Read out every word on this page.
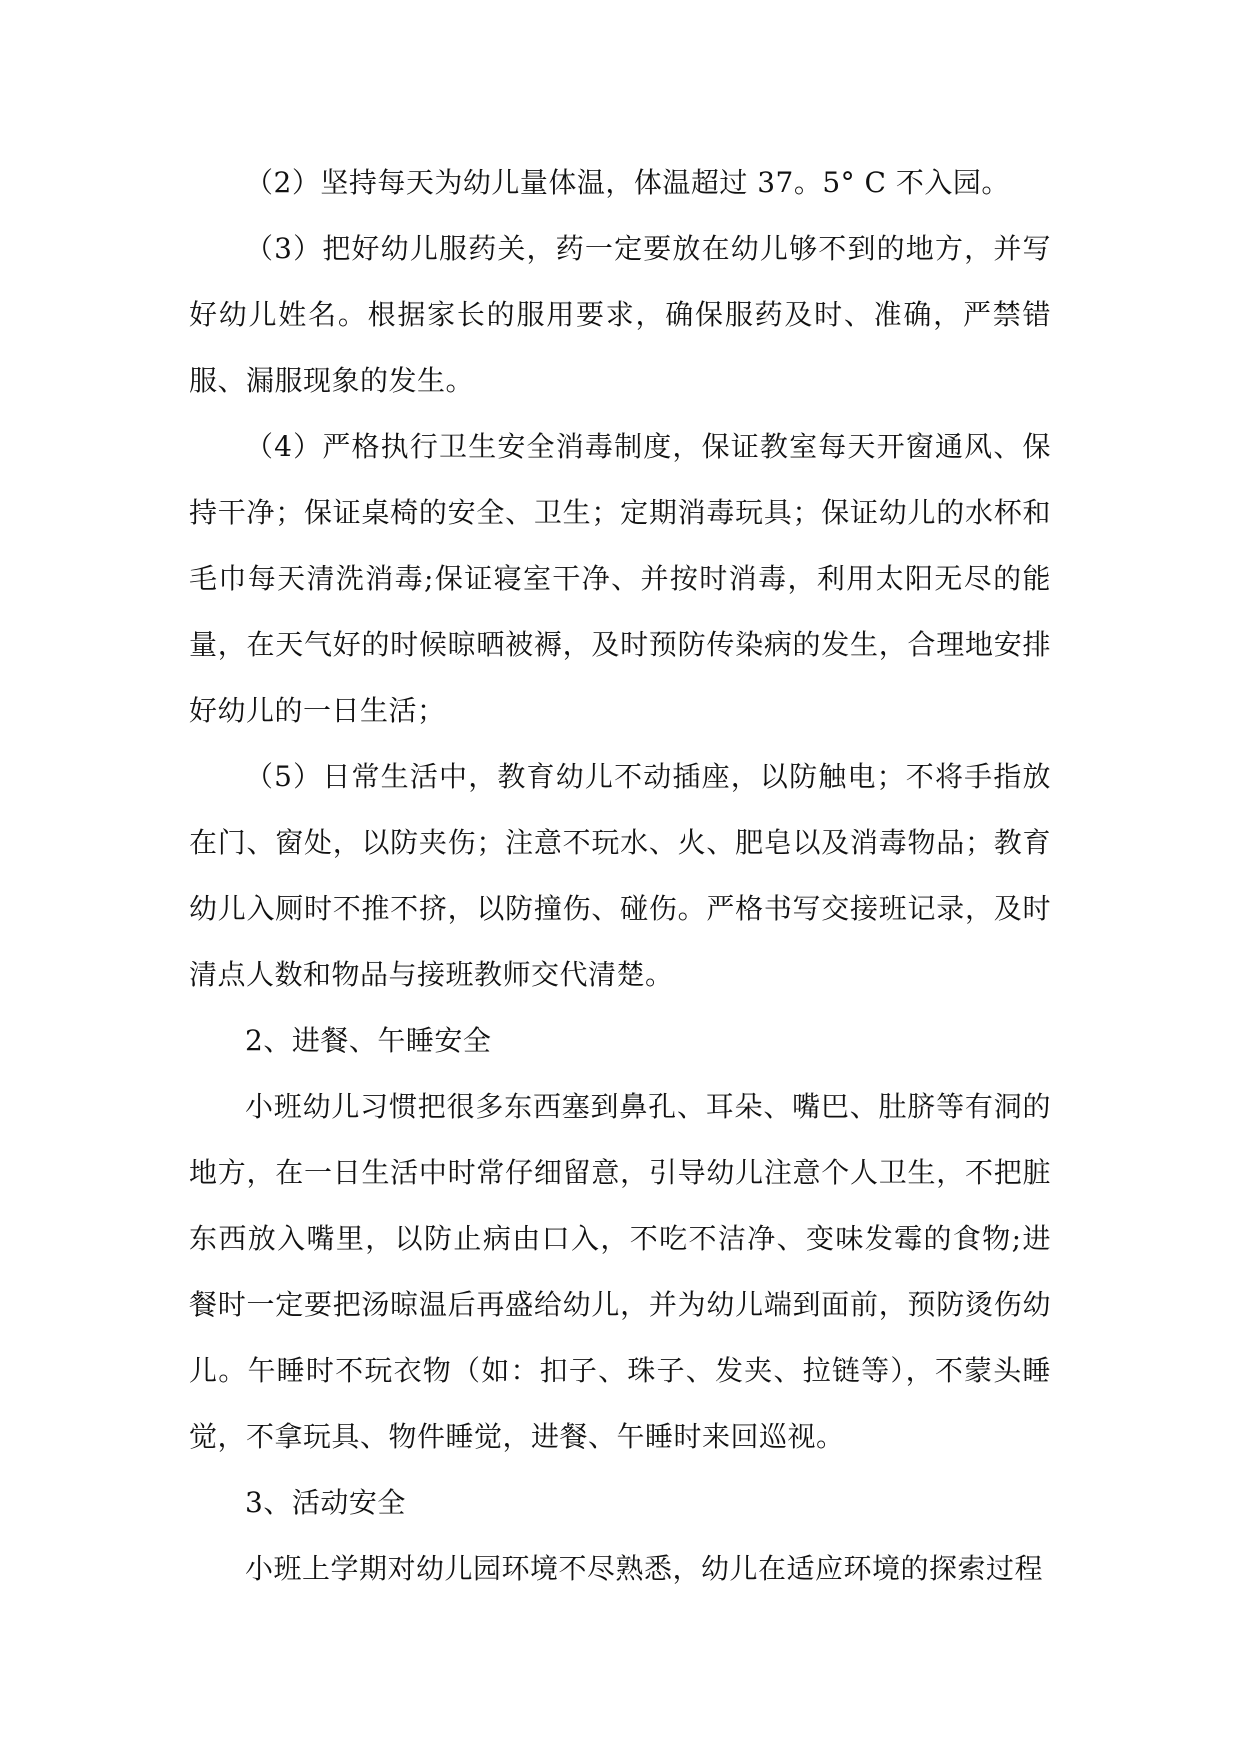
（2）坚持每天为幼儿量体温，体温超过 37。5° C 不入园。

（3）把好幼儿服药关，药一定要放在幼儿够不到的地方，并写好幼儿姓名。根据家长的服用要求，确保服药及时、准确，严禁错服、漏服现象的发生。

（4）严格执行卫生安全消毒制度，保证教室每天开窗通风、保持干净；保证桌椅的安全、卫生；定期消毒玩具；保证幼儿的水杯和毛巾每天清洗消毒;保证寝室干净、并按时消毒，利用太阳无尽的能量，在天气好的时候晾晒被褥，及时预防传染病的发生，合理地安排好幼儿的一日生活；

（5）日常生活中，教育幼儿不动插座，以防触电；不将手指放在门、窗处，以防夹伤；注意不玩水、火、肥皂以及消毒物品；教育幼儿入厕时不推不挤，以防撞伤、碰伤。严格书写交接班记录，及时清点人数和物品与接班教师交代清楚。

2、进餐、午睡安全

小班幼儿习惯把很多东西塞到鼻孔、耳朵、嘴巴、肚脐等有洞的地方，在一日生活中时常仔细留意，引导幼儿注意个人卫生，不把脏东西放入嘴里，以防止病由口入，不吃不洁净、变味发霉的食物;进餐时一定要把汤晾温后再盛给幼儿，并为幼儿端到面前，预防烫伤幼儿。午睡时不玩衣物（如：扣子、珠子、发夹、拉链等），不蒙头睡觉，不拿玩具、物件睡觉，进餐、午睡时来回巡视。

3、活动安全

小班上学期对幼儿园环境不尽熟悉，幼儿在适应环境的探索过程
